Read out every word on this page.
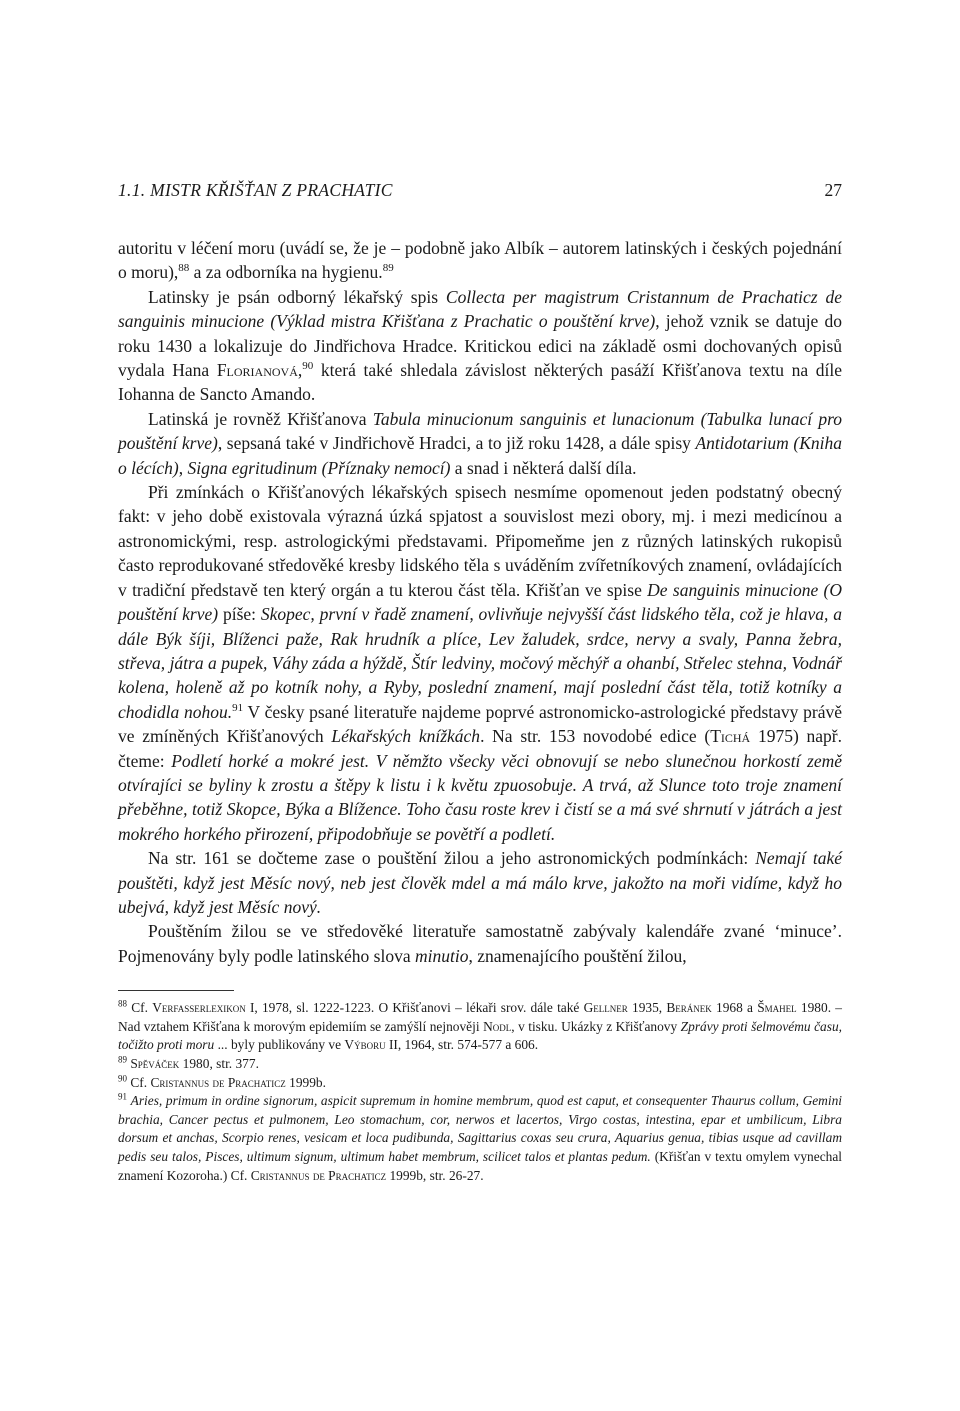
1.1. MISTR KŘIŠŤAN Z PRACHATIC	27

autoritu v léčení moru (uvádí se, že je – podobně jako Albík – autorem latinských i českých pojednání o moru),$^{88}$ a za odborníka na hygienu.$^{89}$

Latinsky je psán odborný lékařský spis Collecta per magistrum Cristannum de Prachaticz de sanguinis minucione (Výklad mistra Křišťana z Prachatic o pouštění krve), jehož vznik se datuje do roku 1430 a lokalizuje do Jindřichova Hradce. Kritickou edici na základě osmi dochovaných opisů vydala Hana Florianová,$^{90}$ která také shledala závislost některých pasáží Křišťanova textu na díle Iohanna de Sancto Amando.

Latinská je rovněž Křišťanova Tabula minucionum sanguinis et lunacionum (Tabulka lunací pro pouštění krve), sepsaná také v Jindřichově Hradci, a to již roku 1428, a dále spisy Antidotarium (Kniha o lécích), Signa egritudinum (Příznaky nemocí) a snad i některá další díla.

Při zmínkách o Křišťanových lékařských spisech nesmíme opomenout jeden podstatný obecný fakt: v jeho době existovala výrazná úzká spjatost a souvislost mezi obory, mj. i mezi medicínou a astronomickými, resp. astrologickými představami. Připomeňme jen z různých latinských rukopisů často reprodukované středověké kresby lidského těla s uváděním zvířetníkových znamení, ovládajících v tradiční představě ten který orgán a tu kterou část těla. Křišťan ve spise De sanguinis minucione (O pouštění krve) píše: Skopec, první v řadě znamení, ovlivňuje nejvyšší část lidského těla, což je hlava, a dále Býk šíji, Blíženci paže, Rak hrudník a plíce, Lev žaludek, srdce, nervy a svaly, Panna žebra, střeva, játra a pupek, Váhy záda a hýždě, Štír ledviny, močový měchýř a ohanbí, Střelec stehna, Vodnář kolena, holeně až po kotník nohy, a Ryby, poslední znamení, mají poslední část těla, totiž kotníky a chodidla nohou.$^{91}$ V česky psané literatuře najdeme poprvé astronomicko-astrologické představy právě ve zmíněných Křišťanových Lékařských knížkách. Na str. 153 novodobé edice (Tichá 1975) např. čteme: Podletí horké a mokré jest. V němžto všecky věci obnovují se nebo slunečnou horkostí země otvírajíci se byliny k zrostu a štěpy k listu i k květu zpuosobuje. A trvá, až Slunce toto troje znamení přeběhne, totiž Skopce, Býka a Blížence. Toho času roste krev i čistí se a má své shrnutí v játrách a jest mokrého horkého přirození, připodobňuje se povětří a podletí.

Na str. 161 se dočteme zase o pouštění žilou a jeho astronomických podmínkách: Nemají také pouštěti, když jest Měsíc nový, neb jest člověk mdel a má málo krve, jakožto na moři vidíme, když ho ubejvá, když jest Měsíc nový.

Pouštěním žilou se ve středověké literatuře samostatně zabývaly kalendáře zvané ‘minuce’. Pojmenovány byly podle latinského slova minutio, znamenajícího pouštění žilou,

$^{88}$ Cf. Verfasserlexikon I, 1978, sl. 1222-1223. O Křišťanovi – lékaři srov. dále také Gellner 1935, Beránek 1968 a Šmahel 1980. – Nad vztahem Křišťana k morovým epidemiím se zamýšlí nejnověji Nodl, v tisku. Ukázky z Křišťanovy Zprávy proti šelmovému času, točižto proti moru ... byly publikovány ve Výboru II, 1964, str. 574-577 a 606.

$^{89}$ Spěváček 1980, str. 377.

$^{90}$ Cf. Cristannus de Prachaticz 1999b.

$^{91}$ Aries, primum in ordine signorum, aspicit supremum in homine membrum, quod est caput, et consequenter Thaurus collum, Gemini brachia, Cancer pectus et pulmonem, Leo stomachum, cor, nerwos et lacertos, Virgo costas, intestina, epar et umbilicum, Libra dorsum et anchas, Scorpio renes, vesicam et loca pudibunda, Sagittarius coxas seu crura, Aquarius genua, tibias usque ad cavillam pedis seu talos, Pisces, ultimum signum, ultimum habet membrum, scilicet talos et plantas pedum. (Křišťan v textu omylem vynechal znamení Kozoroha.) Cf. Cristannus de Prachaticz 1999b, str. 26-27.
